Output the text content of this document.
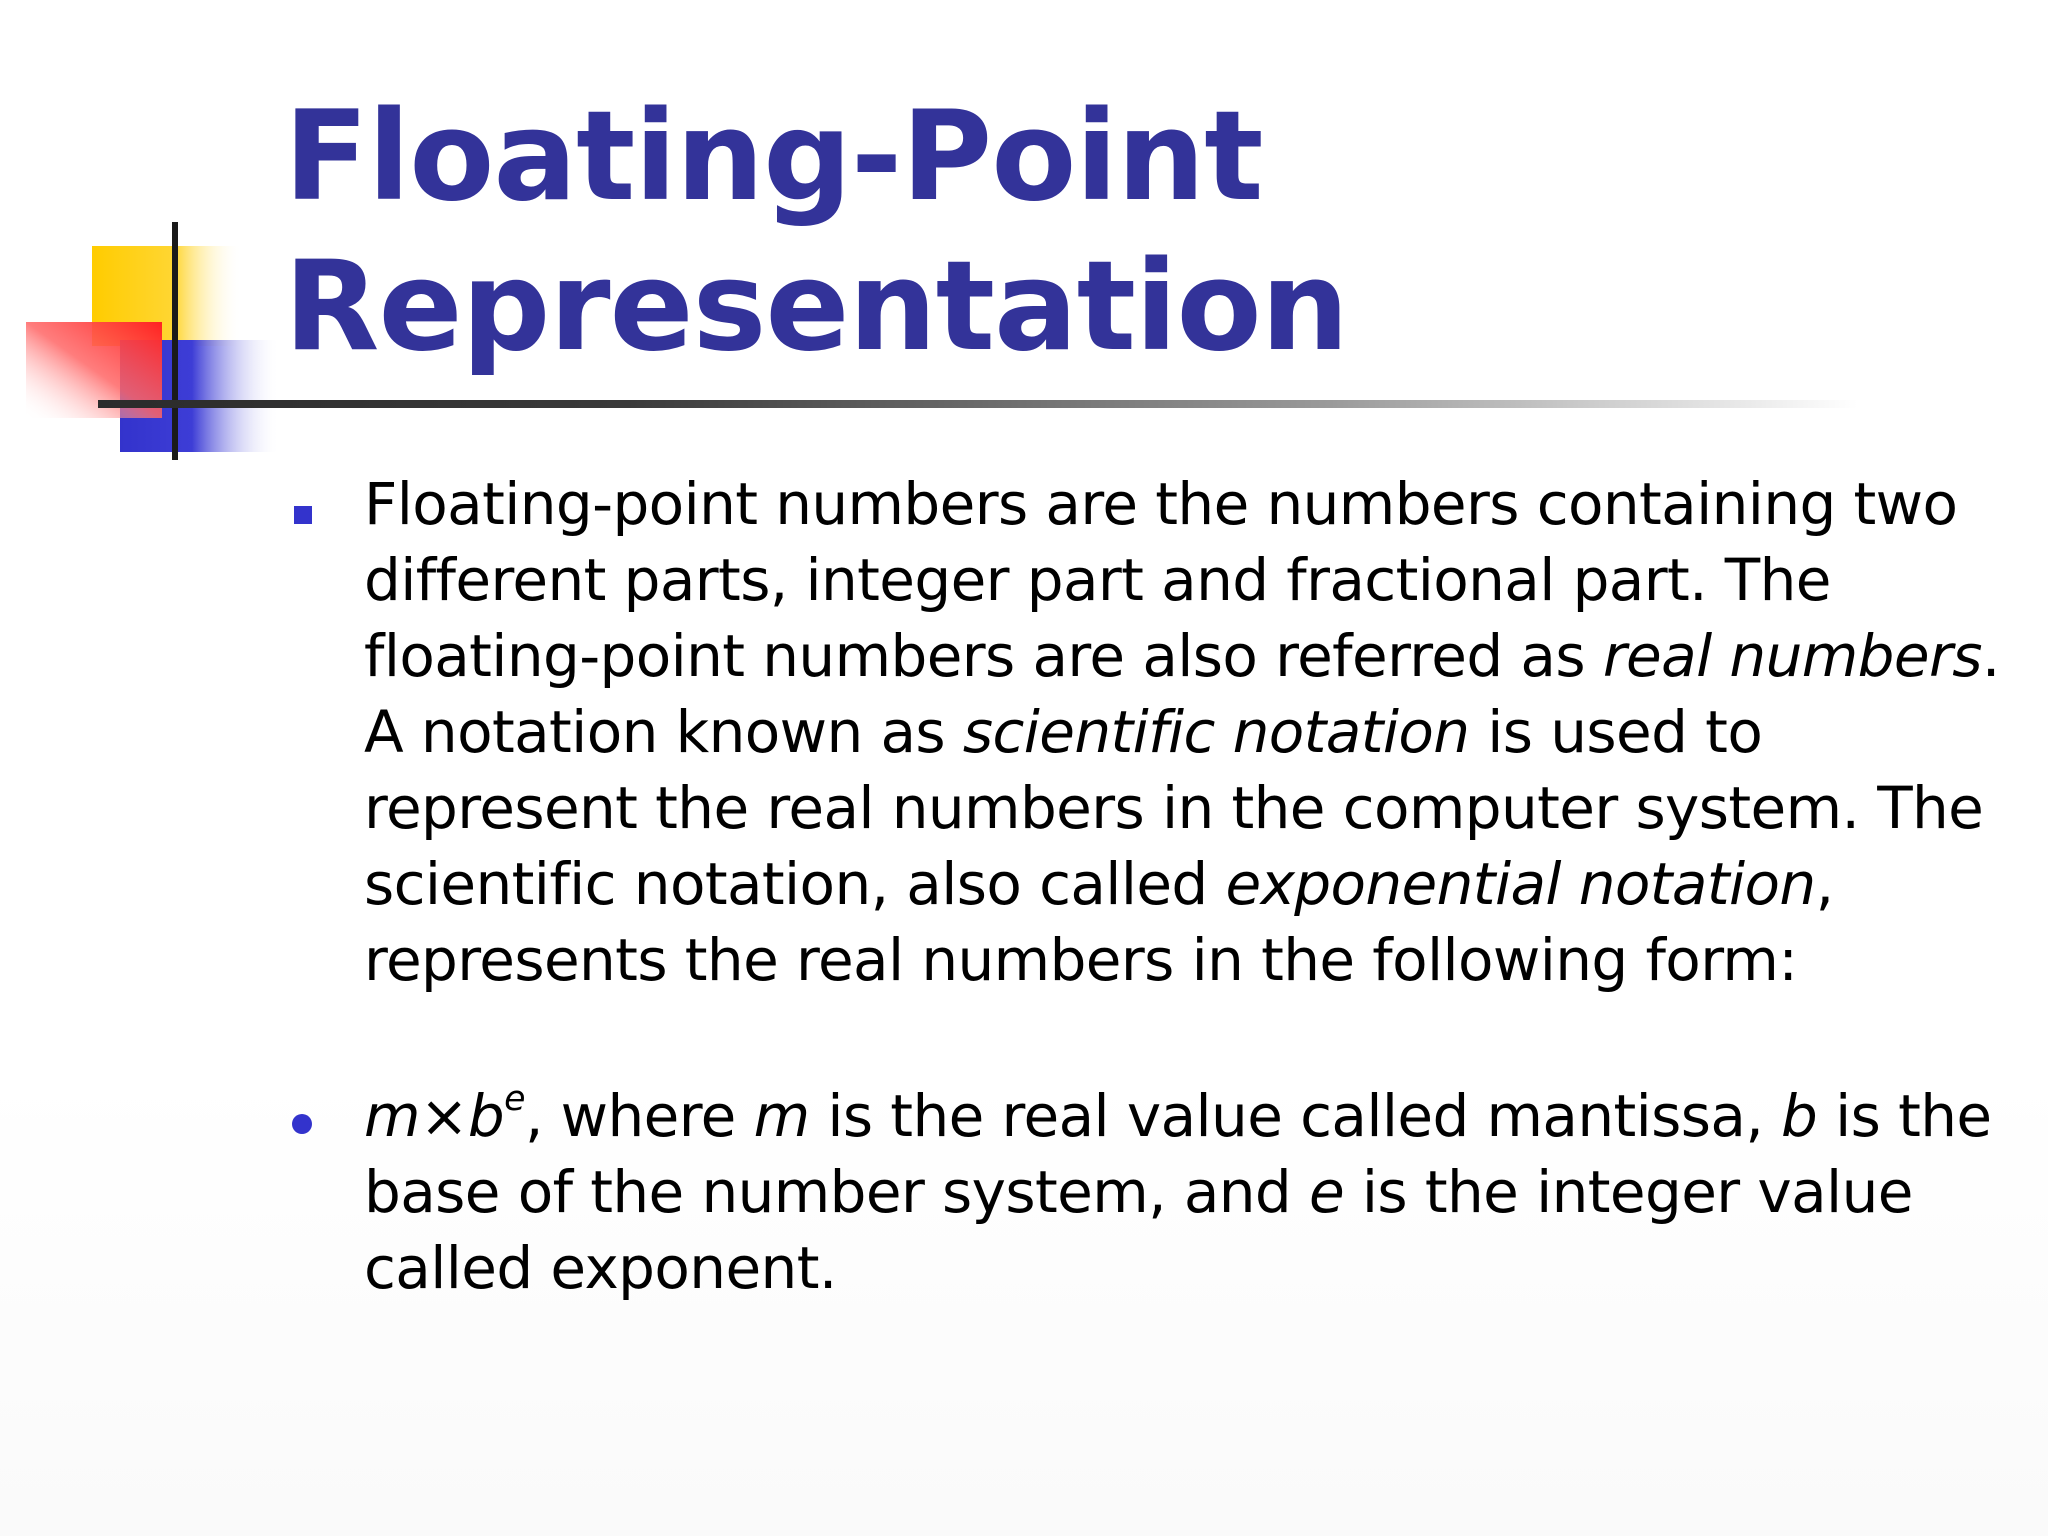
Floating-Point
Representation

Floating-point numbers are the numbers containing two
different parts, integer part and fractional part. The
floating-point numbers are also referred as real numbers.
A notation known as scientific notation is used to
represent the real numbers in the computer system. The
scientific notation, also called exponential notation,
represents the real numbers in the following form:

$m\times b^e$, where m is the real value called mantissa, b is the
base of the number system, and e is the integer value
called exponent.
